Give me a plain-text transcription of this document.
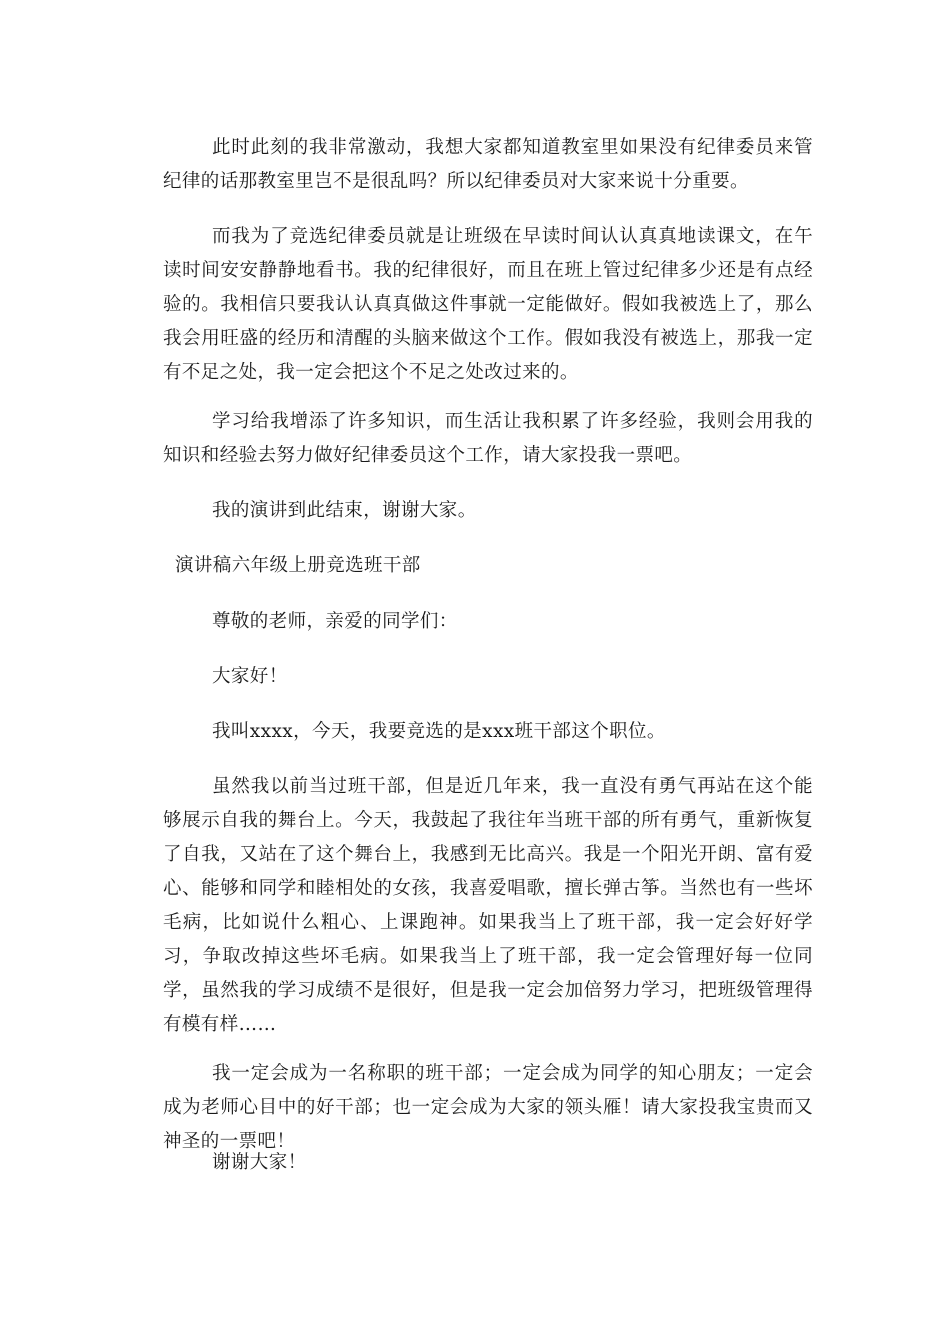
此时此刻的我非常激动，我想大家都知道教室里如果没有纪律委员来管纪律的话那教室里岂不是很乱吗？所以纪律委员对大家来说十分重要。

而我为了竞选纪律委员就是让班级在早读时间认认真真地读课文，在午读时间安安静静地看书。我的纪律很好，而且在班上管过纪律多少还是有点经验的。我相信只要我认认真真做这件事就一定能做好。假如我被选上了，那么我会用旺盛的经历和清醒的头脑来做这个工作。假如我没有被选上，那我一定有不足之处，我一定会把这个不足之处改过来的。

学习给我增添了许多知识，而生活让我积累了许多经验，我则会用我的知识和经验去努力做好纪律委员这个工作，请大家投我一票吧。

我的演讲到此结束，谢谢大家。

演讲稿六年级上册竞选班干部

尊敬的老师，亲爱的同学们：

大家好！

我叫xxxx，今天，我要竞选的是xxx班干部这个职位。

虽然我以前当过班干部，但是近几年来，我一直没有勇气再站在这个能够展示自我的舞台上。今天，我鼓起了我往年当班干部的所有勇气，重新恢复了自我，又站在了这个舞台上，我感到无比高兴。我是一个阳光开朗、富有爱心、能够和同学和睦相处的女孩，我喜爱唱歌，擅长弹古筝。当然也有一些坏毛病，比如说什么粗心、上课跑神。如果我当上了班干部，我一定会好好学习，争取改掉这些坏毛病。如果我当上了班干部，我一定会管理好每一位同学，虽然我的学习成绩不是很好，但是我一定会加倍努力学习，把班级管理得有模有样……

我一定会成为一名称职的班干部；一定会成为同学的知心朋友；一定会成为老师心目中的好干部；也一定会成为大家的领头雁！请大家投我宝贵而又神圣的一票吧！

谢谢大家！
